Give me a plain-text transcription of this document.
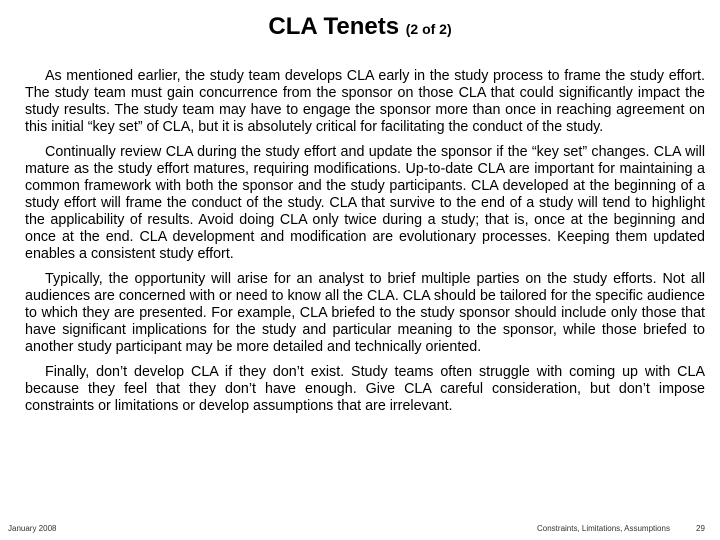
CLA Tenets (2 of 2)

As mentioned earlier, the study team develops CLA early in the study process to frame the study effort. The study team must gain concurrence from the sponsor on those CLA that could significantly impact the study results. The study team may have to engage the sponsor more than once in reaching agreement on this initial “key set” of CLA, but it is absolutely critical for facilitating the conduct of the study.

Continually review CLA during the study effort and update the sponsor if the “key set” changes. CLA will mature as the study effort matures, requiring modifications. Up-to-date CLA are important for maintaining a common framework with both the sponsor and the study participants. CLA developed at the beginning of a study effort will frame the conduct of the study. CLA that survive to the end of a study will tend to highlight the applicability of results. Avoid doing CLA only twice during a study; that is, once at the beginning and once at the end. CLA development and modification are evolutionary processes. Keeping them updated enables a consistent study effort.

Typically, the opportunity will arise for an analyst to brief multiple parties on the study efforts. Not all audiences are concerned with or need to know all the CLA. CLA should be tailored for the specific audience to which they are presented. For example, CLA briefed to the study sponsor should include only those that have significant implications for the study and particular meaning to the sponsor, while those briefed to another study participant may be more detailed and technically oriented.

Finally, don’t develop CLA if they don’t exist. Study teams often struggle with coming up with CLA because they feel that they don’t have enough. Give CLA careful consideration, but don’t impose constraints or limitations or develop assumptions that are irrelevant.

January 2008	Constraints, Limitations, Assumptions	29
